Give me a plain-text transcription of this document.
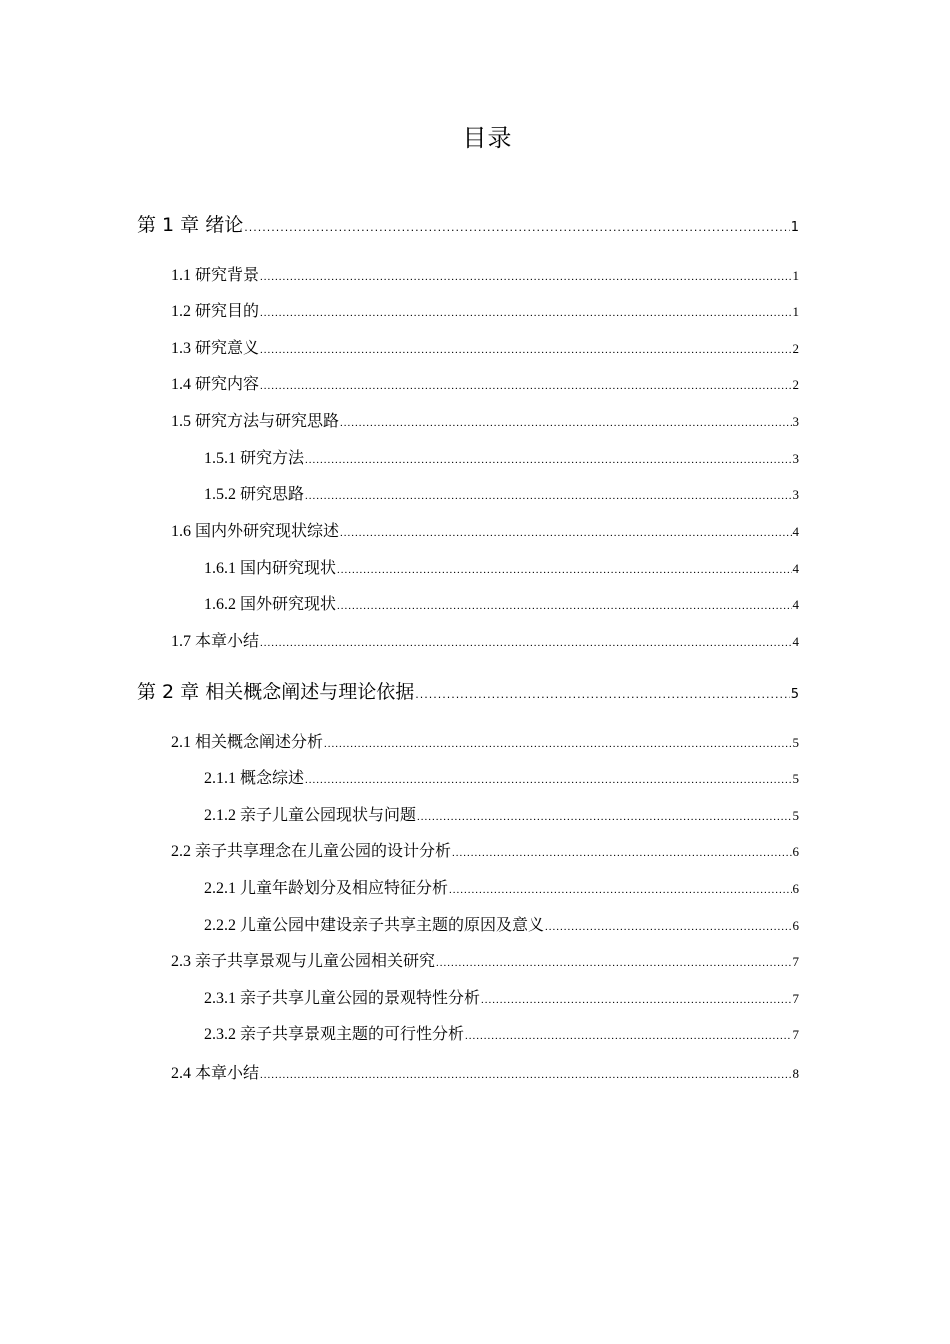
目录
第 1 章 绪论 .....	1
1.1 研究背景 .....	1
1.2 研究目的 .....	1
1.3 研究意义 .....	2
1.4 研究内容 .....	2
1.5 研究方法与研究思路 .....	3
1.5.1 研究方法 .....	3
1.5.2 研究思路 .....	3
1.6 国内外研究现状综述 .....	4
1.6.1 国内研究现状 .....	4
1.6.2 国外研究现状 .....	4
1.7 本章小结 .....	4
第 2 章 相关概念阐述与理论依据 .....	5
2.1 相关概念阐述分析 .....	5
2.1.1 概念综述 .....	5
2.1.2 亲子儿童公园现状与问题 .....	5
2.2 亲子共享理念在儿童公园的设计分析 .....	6
2.2.1 儿童年龄划分及相应特征分析 .....	6
2.2.2 儿童公园中建设亲子共享主题的原因及意义 .....	6
2.3 亲子共享景观与儿童公园相关研究 .....	7
2.3.1 亲子共享儿童公园的景观特性分析 .....	7
2.3.2 亲子共享景观主题的可行性分析 .....	7
2.4 本章小结 .....	8
